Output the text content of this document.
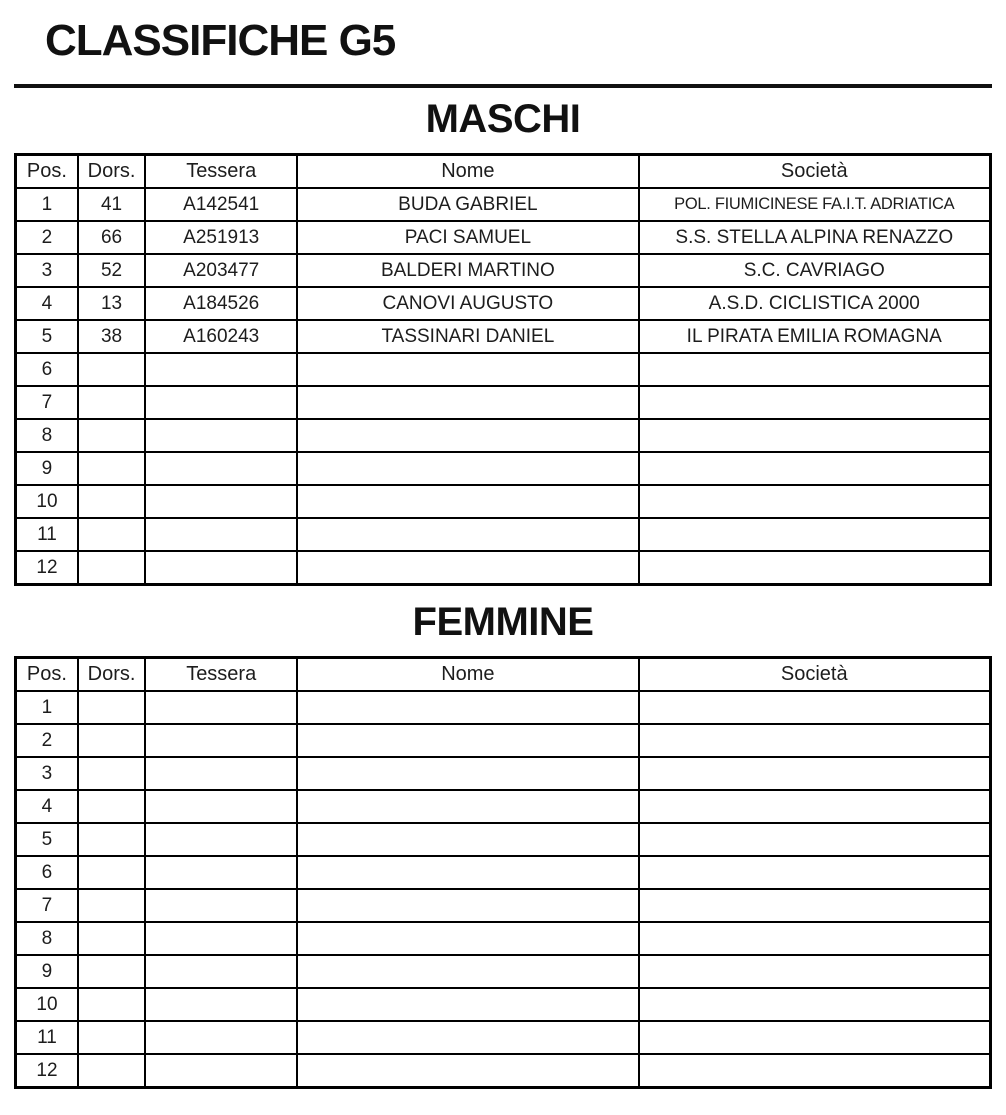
CLASSIFICHE G5
MASCHI
Pos.	Dors.	Tessera	Nome	Società
1	41	A142541	BUDA GABRIEL	POL. FIUMICINESE FA.I.T. ADRIATICA
2	66	A251913	PACI SAMUEL	S.S. STELLA ALPINA RENAZZO
3	52	A203477	BALDERI MARTINO	S.C. CAVRIAGO
4	13	A184526	CANOVI AUGUSTO	A.S.D. CICLISTICA 2000
5	38	A160243	TASSINARI DANIEL	IL PIRATA EMILIA ROMAGNA
6				
7				
8				
9				
10				
11				
12				
FEMMINE
Pos.	Dors.	Tessera	Nome	Società
1				
2				
3				
4				
5				
6				
7				
8				
9				
10				
11				
12				
